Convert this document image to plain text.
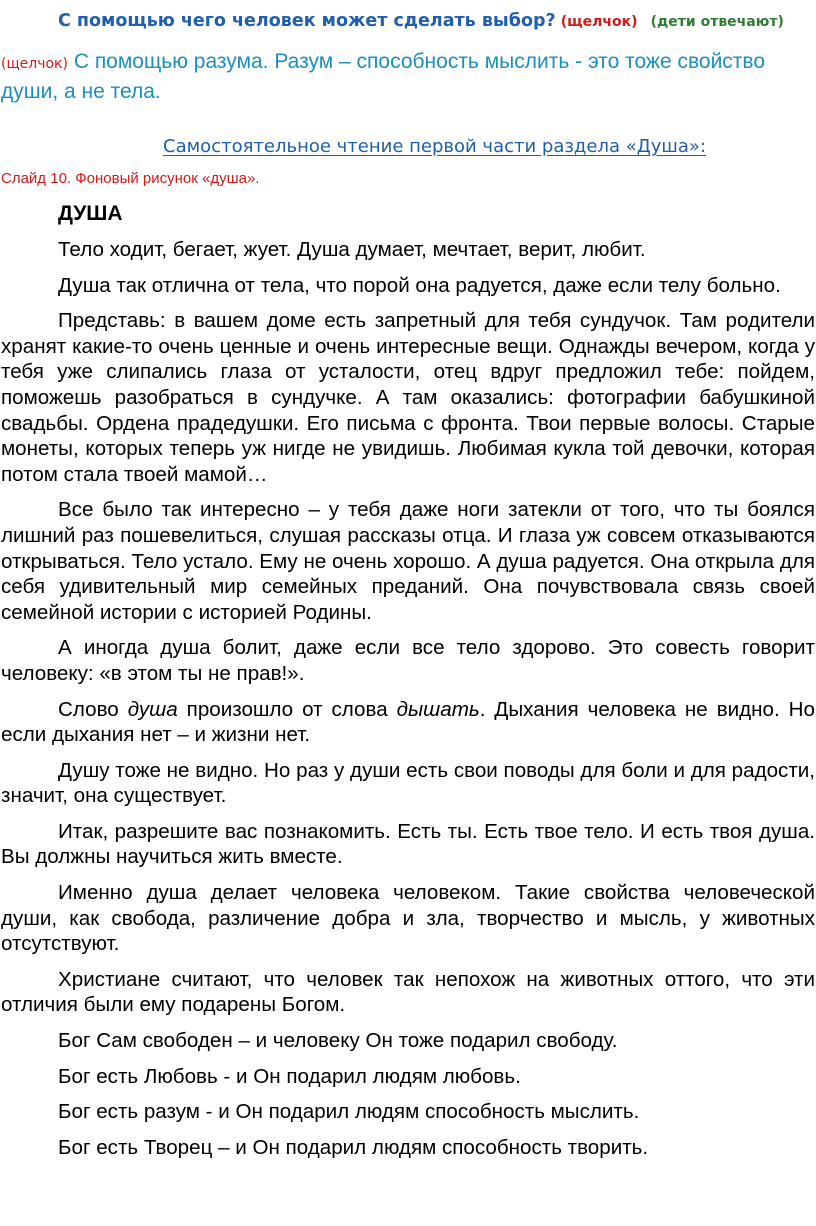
С помощью чего человек может сделать выбор? (щелчок) (дети отвечают)
(щелчок) С помощью разума. Разум – способность мыслить - это тоже свойство души, а не тела.
Самостоятельное чтение первой части раздела «Душа»:
Слайд 10. Фоновый рисунок «душа».
ДУША

Тело ходит, бегает, жует. Душа думает, мечтает, верит, любит.

Душа так отлична от тела, что порой она радуется, даже если телу больно.

Представь: в вашем доме есть запретный для тебя сундучок. Там родители хранят какие-то очень ценные и очень интересные вещи. Однажды вечером, когда у тебя уже слипались глаза от усталости, отец вдруг предложил тебе: пойдем, поможешь разобраться в сундучке. А там оказались: фотографии бабушкиной свадьбы. Ордена прадедушки. Его письма с фронта. Твои первые волосы. Старые монеты, которых теперь уж нигде не увидишь. Любимая кукла той девочки, которая потом стала твоей мамой…

Все было так интересно – у тебя даже ноги затекли от того, что ты боялся лишний раз пошевелиться, слушая рассказы отца. И глаза уж совсем отказываются открываться. Тело устало. Ему не очень хорошо. А душа радуется. Она открыла для себя удивительный мир семейных преданий. Она почувствовала связь своей семейной истории с историей Родины.

А иногда душа болит, даже если все тело здорово. Это совесть говорит человеку: «в этом ты не прав!».

Слово душа произошло от слова дышать. Дыхания человека не видно. Но если дыхания нет – и жизни нет.

Душу тоже не видно. Но раз у души есть свои поводы для боли и для радости, значит, она существует.

Итак, разрешите вас познакомить. Есть ты. Есть твое тело. И есть твоя душа. Вы должны научиться жить вместе.

Именно душа делает человека человеком. Такие свойства человеческой души, как свобода, различение добра и зла, творчество и мысль, у животных отсутствуют.

Христиане считают, что человек так непохож на животных оттого, что эти отличия были ему подарены Богом.

Бог Сам свободен – и человеку Он тоже подарил свободу.

Бог есть Любовь - и Он подарил людям любовь.

Бог есть разум - и Он подарил людям способность мыслить.

Бог есть Творец – и Он подарил людям способность творить.
